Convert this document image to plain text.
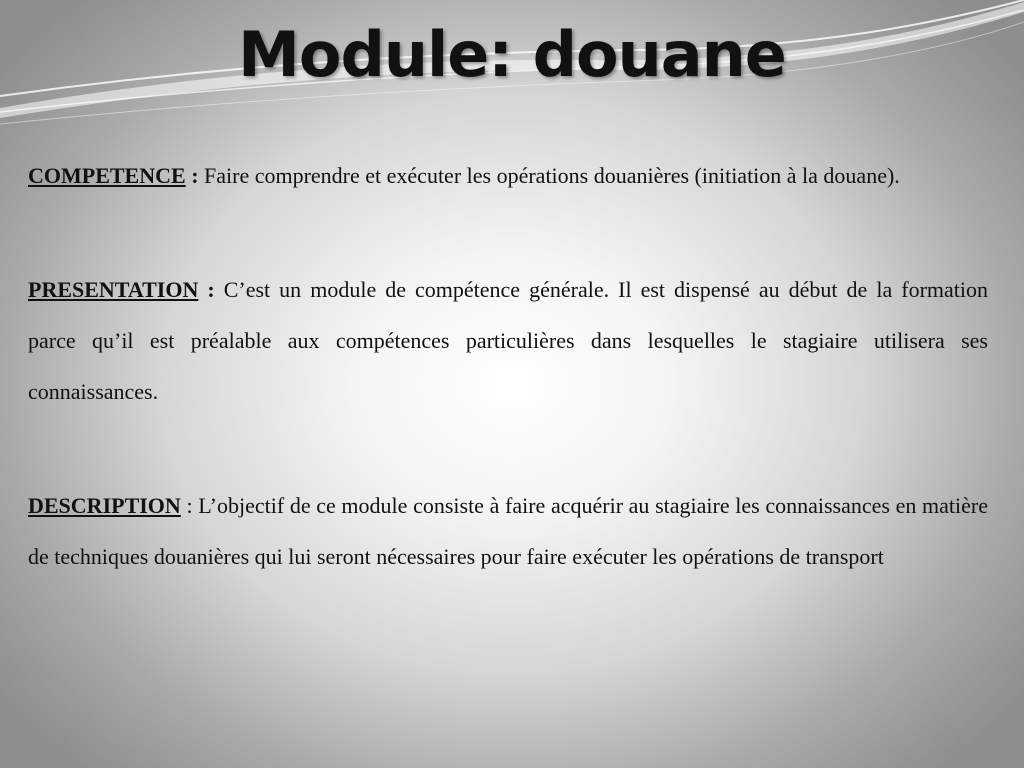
Module: douane

COMPETENCE : Faire comprendre et exécuter les opérations douanières (initiation à la douane).

PRESENTATION : C’est un module de compétence générale. Il est dispensé au début de la formation parce qu’il est préalable aux compétences particulières dans lesquelles le stagiaire utilisera ses connaissances.

DESCRIPTION : L’objectif de ce module consiste à faire acquérir au stagiaire les connaissances en matière de techniques douanières qui lui seront nécessaires pour faire exécuter les opérations de transport
